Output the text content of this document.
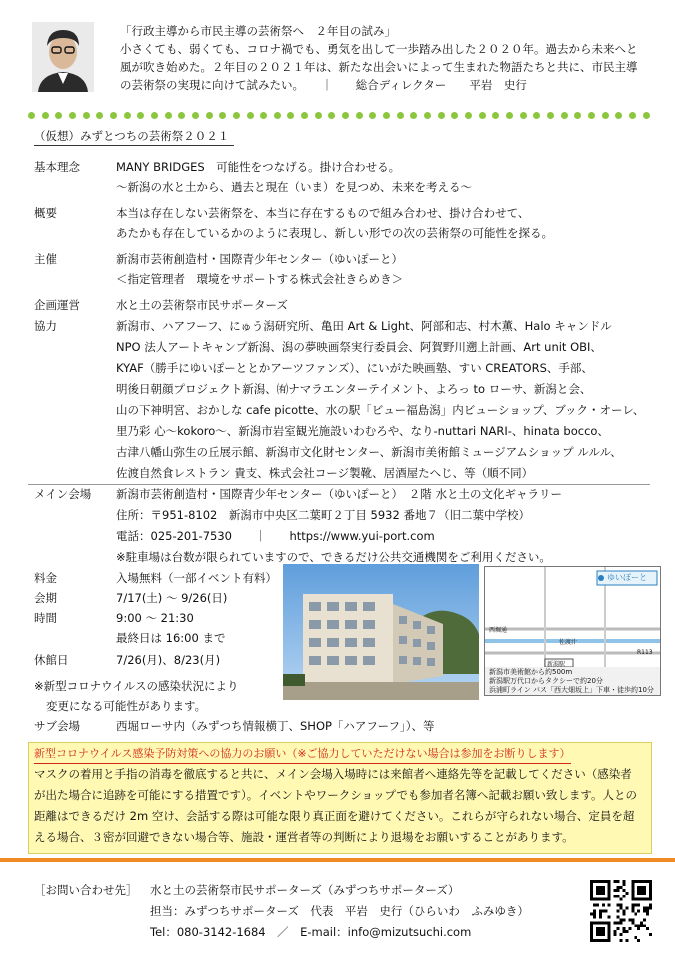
「行政主導から市民主導の芸術祭へ　２年目の試み」
小さくても、弱くても、コロナ禍でも、勇気を出して一歩踏み出した２０２０年。過去から未来へと
風が吹き始めた。２年目の２０２１年は、新たな出会いによって生まれた物語たちと共に、市民主導
の芸術祭の実現に向けて試みたい。　　｜　　総合ディレクター　　平岩　史行
（仮想）みずとつちの芸術祭２０２１
基本理念	MANY BRIDGES　可能性をつなげる。掛け合わせる。
～新潟の水と土から、過去と現在（いま）を見つめ、未来を考える～
概要	本当は存在しない芸術祭を、本当に存在するもので組み合わせ、掛け合わせて、
あたかも存在しているかのように表現し、新しい形での次の芸術祭の可能性を探る。
主催	新潟市芸術創造村・国際青少年センター（ゆいぽーと）
＜指定管理者　環境をサポートする株式会社きらめき＞
企画運営	水と土の芸術祭市民サポーターズ
協力	新潟市、ハアフーフ、にゅう潟研究所、亀田 Art & Light、阿部和志、村木薫、Halo キャンドル
NPO 法人アートキャンプ新潟、潟の夢映画祭実行委員会、阿賀野川遡上計画、Art unit OBI、
KYAF（勝手にゆいぽーととかアーツファンズ）、にいがた映画塾、すい CREATORS、手部、
明後日朝顔プロジェクト新潟、㈲ナマラエンターテイメント、よろっ to ローサ、新潟と会、
山の下神明宮、おかしな cafe picotte、水の駅「ビュー福島潟」内ビューショップ、ブック・オーレ、
里乃彩 心～kokoro～、新潟市岩室観光施設いわむろや、なり-nuttari NARI-、hinata bocco、
古津八幡山弥生の丘展示館、新潟市文化財センター、新潟市美術館ミュージアムショップ ルルル、
佐渡自然食レストラン 貴支、株式会社コージ製靴、居酒屋たへじ、等（順不同）
メイン会場 新潟市芸術創造村・国際青少年センター（ゆいぽーと）　２階 水と土の文化ギャラリー
住所：〒951-8102　新潟市中央区二葉町２丁目 5932 番地７（旧二葉中学校）
電話：025-201-7530　　｜　　https://www.yui-port.com
※駐車場は台数が限られていますので、できるだけ公共交通機関をご利用ください。
料金	入場無料（一部イベント有料）
会期	7/17(土) ～ 9/26(日)
時間	9:00 ～ 21:30
最終日は 16:00 まで
休館日	7/26(月)、8/23(月)
※新型コロナウイルスの感染状況により
変更になる可能性があります。
ゆいぽーと
西堀通
佐渡汁
新潟駅
R113
新潟市美術館から約500m
新潟駅万代口からタクシーで約20分
浜浦町ライン バス「西大畑坂上」下車・徒歩約10分
サブ会場	西堀ローサ内（みずつち情報横丁、SHOP「ハアフーフ」）、等
新型コロナウイルス感染予防対策への協力のお願い（※ご協力していただけない場合は参加をお断りします）
マスクの着用と手指の消毒を徹底すると共に、メイン会場入場時には来館者へ連絡先等を記載してください（感染者
が出た場合に追跡を可能にする措置です）。イベントやワークショップでも参加者名簿へ記載お願い致します。人との
距離はできるだけ 2m 空け、会話する際は可能な限り真正面を避けてください。これらが守られない場合、定員を超
える場合、３密が回避できない場合等、施設・運営者等の判断により退場をお願いすることがあります。
［お問い合わせ先］ 水と土の芸術祭市民サポーターズ（みずつちサポーターズ）
担当：みずつちサポーターズ　代表　平岩　史行（ひらいわ　ふみゆき）
Tel：080-3142-1684　／　E-mail：info@mizutsuchi.com
